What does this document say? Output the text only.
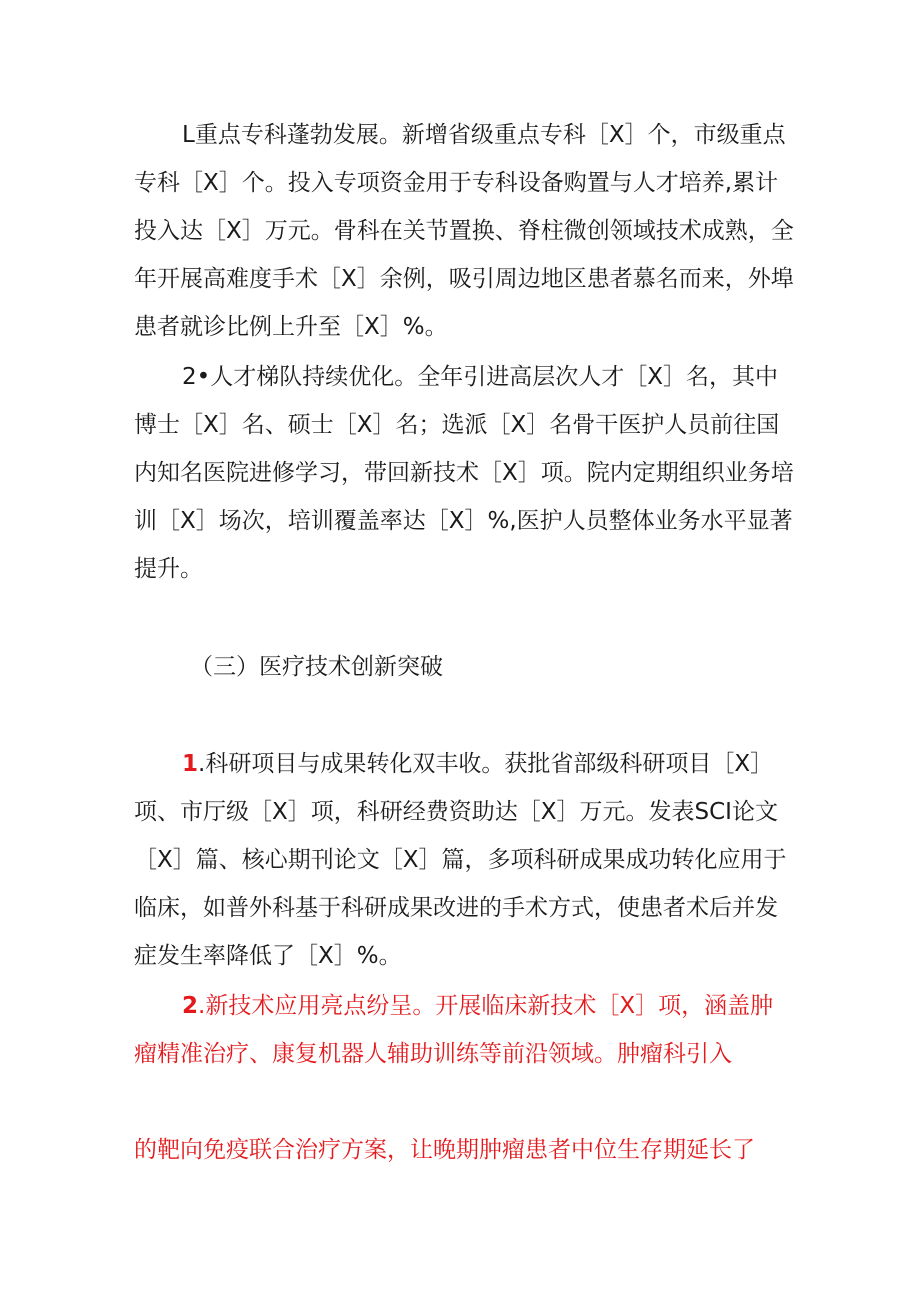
L重点专科蓬勃发展。新增省级重点专科［X］个，市级重点
专科［X］个。投入专项资金用于专科设备购置与人才培养,累计
投入达［X］万元。骨科在关节置换、脊柱微创领域技术成熟，全
年开展高难度手术［X］余例，吸引周边地区患者慕名而来，外埠
患者就诊比例上升至［X］%。
2•人才梯队持续优化。全年引进高层次人才［X］名，其中
博士［X］名、硕士［X］名；选派［X］名骨干医护人员前往国
内知名医院进修学习，带回新技术［X］项。院内定期组织业务培
训［X］场次，培训覆盖率达［X］%,医护人员整体业务水平显著
提升。
（三）医疗技术创新突破
1.科研项目与成果转化双丰收。获批省部级科研项目［X］
项、市厅级［X］项，科研经费资助达［X］万元。发表SCI论文
［X］篇、核心期刊论文［X］篇，多项科研成果成功转化应用于
临床，如普外科基于科研成果改进的手术方式，使患者术后并发
症发生率降低了［X］%。
2.新技术应用亮点纷呈。开展临床新技术［X］项，涵盖肿
瘤精准治疗、康复机器人辅助训练等前沿领域。肿瘤科引入
的靶向免疫联合治疗方案，让晚期肿瘤患者中位生存期延长了
